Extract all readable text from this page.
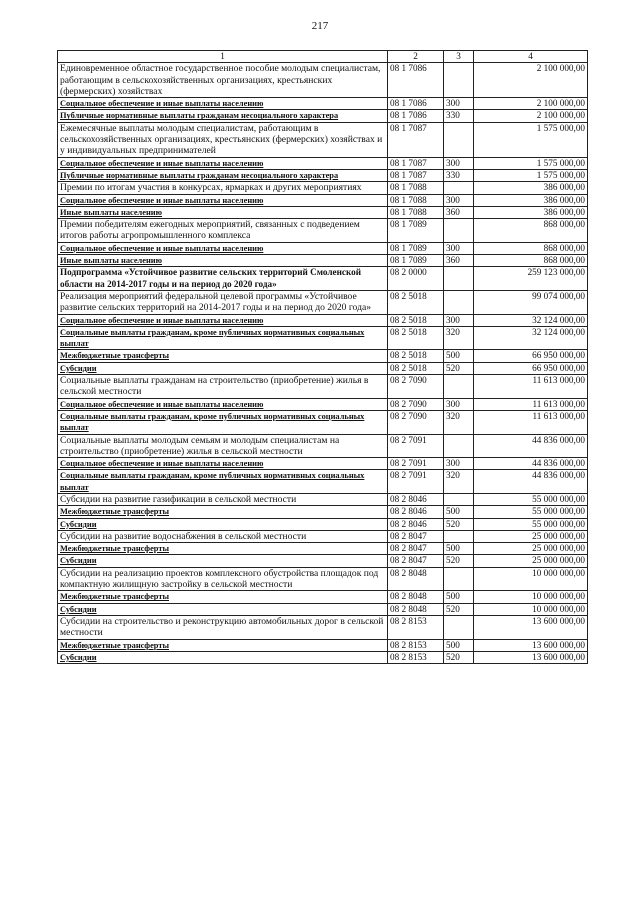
217
1	2	3	4
Единовременное областное государственное пособие молодым специалистам, работающим в сельскохозяйственных организациях, крестьянских (фермерских) хозяйствах	08 1 7086		2 100 000,00
Социальное обеспечение и иные выплаты населению	08 1 7086	300	2 100 000,00
Публичные нормативные выплаты гражданам несоциального характера	08 1 7086	330	2 100 000,00
Ежемесячные выплаты молодым специалистам, работающим в сельскохозяйственных организациях, крестьянских (фермерских) хозяйствах и у индивидуальных предпринимателей	08 1 7087		1 575 000,00
Социальное обеспечение и иные выплаты населению	08 1 7087	300	1 575 000,00
Публичные нормативные выплаты гражданам несоциального характера	08 1 7087	330	1 575 000,00
Премии по итогам участия в конкурсах, ярмарках и других мероприятиях	08 1 7088		386 000,00
Социальное обеспечение и иные выплаты населению	08 1 7088	300	386 000,00
Иные выплаты населению	08 1 7088	360	386 000,00
Премии победителям ежегодных мероприятий, связанных с подведением итогов работы агропромышленного комплекса	08 1 7089		868 000,00
Социальное обеспечение и иные выплаты населению	08 1 7089	300	868 000,00
Иные выплаты населению	08 1 7089	360	868 000,00
Подпрограмма «Устойчивое развитие сельских территорий Смоленской области на 2014-2017 годы и на период до 2020 года»	08 2 0000		259 123 000,00
Реализация мероприятий федеральной целевой программы «Устойчивое развитие сельских территорий на 2014-2017 годы и на период до 2020 года»	08 2 5018		99 074 000,00
Социальное обеспечение и иные выплаты населению	08 2 5018	300	32 124 000,00
Социальные выплаты гражданам, кроме публичных нормативных социальных выплат	08 2 5018	320	32 124 000,00
Межбюджетные трансферты	08 2 5018	500	66 950 000,00
Субсидии	08 2 5018	520	66 950 000,00
Социальные выплаты гражданам на строительство (приобретение) жилья в сельской местности	08 2 7090		11 613 000,00
Социальное обеспечение и иные выплаты населению	08 2 7090	300	11 613 000,00
Социальные выплаты гражданам, кроме публичных нормативных социальных выплат	08 2 7090	320	11 613 000,00
Социальные выплаты молодым семьям и молодым специалистам на строительство (приобретение) жилья в сельской местности	08 2 7091		44 836 000,00
Социальное обеспечение и иные выплаты населению	08 2 7091	300	44 836 000,00
Социальные выплаты гражданам, кроме публичных нормативных социальных выплат	08 2 7091	320	44 836 000,00
Субсидии на развитие газификации в сельской местности	08 2 8046		55 000 000,00
Межбюджетные трансферты	08 2 8046	500	55 000 000,00
Субсидии	08 2 8046	520	55 000 000,00
Субсидии на развитие водоснабжения в сельской местности	08 2 8047		25 000 000,00
Межбюджетные трансферты	08 2 8047	500	25 000 000,00
Субсидии	08 2 8047	520	25 000 000,00
Субсидии на реализацию проектов комплексного обустройства площадок под компактную жилищную застройку в сельской местности	08 2 8048		10 000 000,00
Межбюджетные трансферты	08 2 8048	500	10 000 000,00
Субсидии	08 2 8048	520	10 000 000,00
Субсидии на строительство и реконструкцию автомобильных дорог в сельской местности	08 2 8153		13 600 000,00
Межбюджетные трансферты	08 2 8153	500	13 600 000,00
Субсидии	08 2 8153	520	13 600 000,00
